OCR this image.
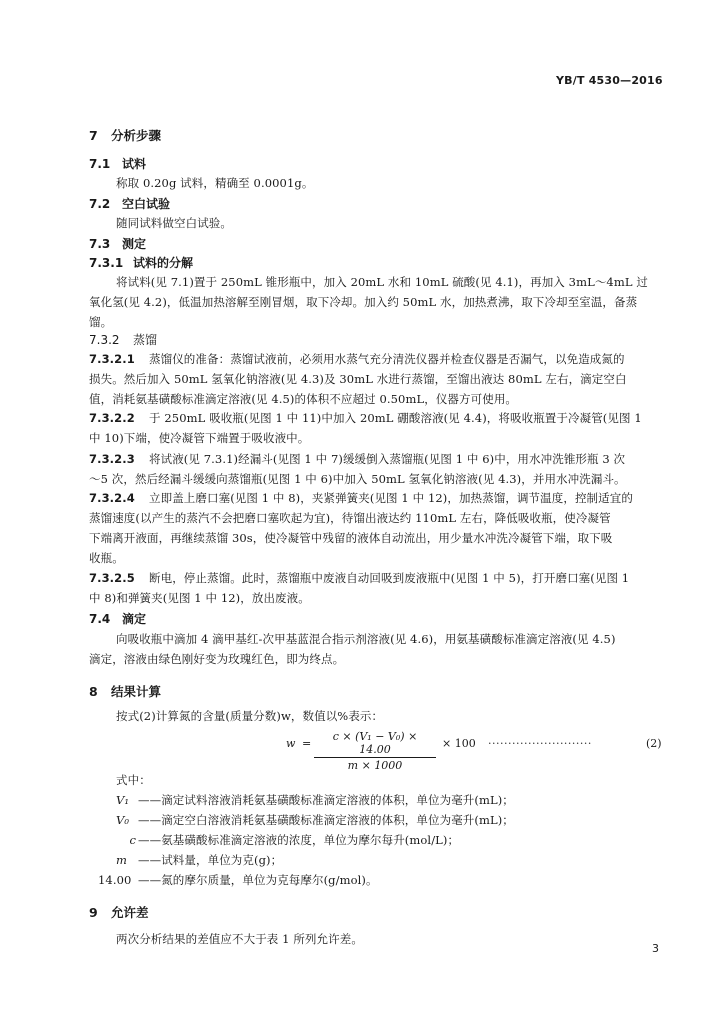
YB/T 4530—2016
7 分析步骤
7.1 试料
称取 0.20g 试料，精确至 0.0001g。
7.2 空白试验
随同试料做空白试验。
7.3 测定
7.3.1 试料的分解
将试料(见 7.1)置于 250mL 锥形瓶中，加入 20mL 水和 10mL 硫酸(见 4.1)，再加入 3mL～4mL 过
氧化氢(见 4.2)，低温加热溶解至刚冒烟，取下冷却。加入约 50mL 水，加热煮沸，取下冷却至室温，备蒸
馏。
7.3.2 蒸馏
7.3.2.1 蒸馏仪的准备：蒸馏试液前，必须用水蒸气充分清洗仪器并检查仪器是否漏气，以免造成氮的
损失。然后加入 50mL 氢氧化钠溶液(见 4.3)及 30mL 水进行蒸馏，至馏出液达 80mL 左右，滴定空白
值，消耗氨基磺酸标准滴定溶液(见 4.5)的体积不应超过 0.50mL，仪器方可使用。
7.3.2.2 于 250mL 吸收瓶(见图 1 中 11)中加入 20mL 硼酸溶液(见 4.4)，将吸收瓶置于冷凝管(见图 1
中 10)下端，使冷凝管下端置于吸收液中。
7.3.2.3 将试液(见 7.3.1)经漏斗(见图 1 中 7)缓缓倒入蒸馏瓶(见图 1 中 6)中，用水冲洗锥形瓶 3 次
～5 次，然后经漏斗缓缓向蒸馏瓶(见图 1 中 6)中加入 50mL 氢氧化钠溶液(见 4.3)，并用水冲洗漏斗。
7.3.2.4 立即盖上磨口塞(见图 1 中 8)，夹紧弹簧夹(见图 1 中 12)，加热蒸馏，调节温度，控制适宜的
蒸馏速度(以产生的蒸汽不会把磨口塞吹起为宜)，待馏出液达约 110mL 左右，降低吸收瓶，使冷凝管
下端离开液面，再继续蒸馏 30s，使冷凝管中残留的液体自动流出，用少量水冲洗冷凝管下端，取下吸
收瓶。
7.3.2.5 断电，停止蒸馏。此时，蒸馏瓶中废液自动回吸到废液瓶中(见图 1 中 5)，打开磨口塞(见图 1
中 8)和弹簧夹(见图 1 中 12)，放出废液。
7.4 滴定
向吸收瓶中滴加 4 滴甲基红-次甲基蓝混合指示剂溶液(见 4.6)，用氨基磺酸标准滴定溶液(见 4.5)
滴定，溶液由绿色刚好变为玫瑰红色，即为终点。
8 结果计算
按式(2)计算氮的含量(质量分数)w，数值以%表示：
$w = \frac{\text{c × (V₁ − V₀) × 14.00}}{m \times 1000} \times 100$ ··························	(2)
式中：
V₁ ——滴定试料溶液消耗氨基磺酸标准滴定溶液的体积，单位为毫升(mL)；
V₀ ——滴定空白溶液消耗氨基磺酸标准滴定溶液的体积，单位为毫升(mL)；
c ——氨基磺酸标准滴定溶液的浓度，单位为摩尔每升(mol/L)；
m ——试料量，单位为克(g)；
14.00 ——氮的摩尔质量，单位为克每摩尔(g/mol)。
9 允许差
两次分析结果的差值应不大于表 1 所列允许差。
3
